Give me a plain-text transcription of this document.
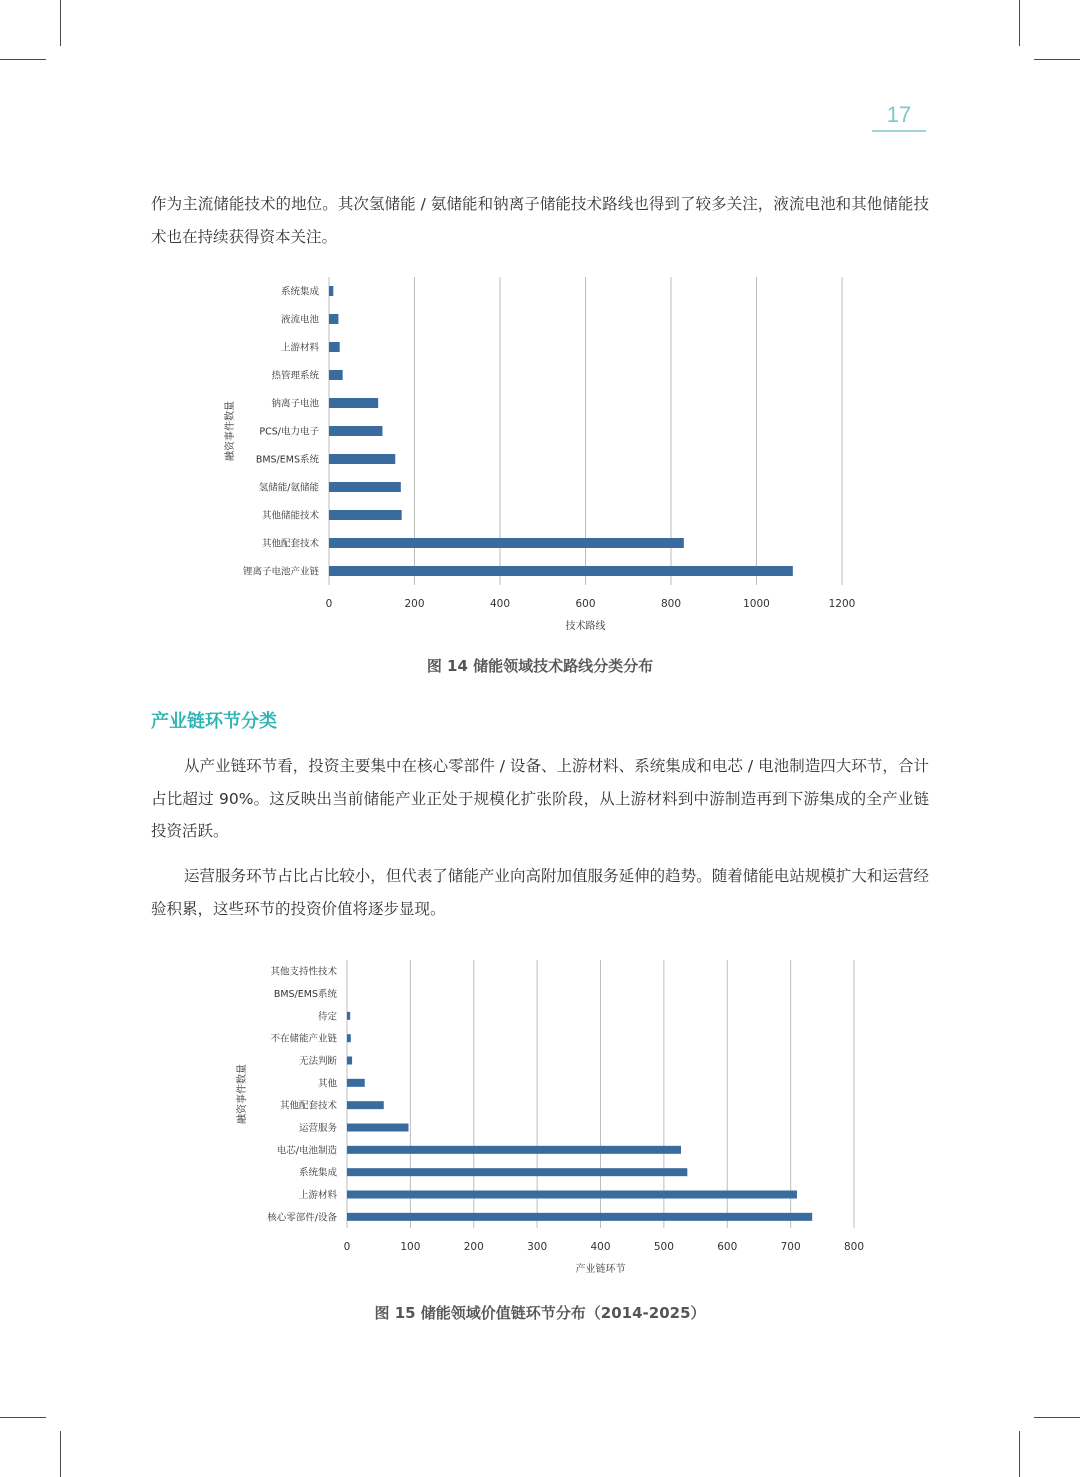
17

作为主流储能技术的地位。其次氢储能 / 氨储能和钠离子储能技术路线也得到了较多关注，液流电池和其他储能技术也在持续获得资本关注。

0	200	400	600	800	1000	1200
系统集成
液流电池
上游材料
热管理系统
钠离子电池
PCS/电力电子
BMS/EMS系统
氢储能/氨储能
其他储能技术
其他配套技术
锂离子电池产业链
技术路线
融资事件数量

图 14 储能领域技术路线分类分布

产业链环节分类

从产业链环节看，投资主要集中在核心零部件 / 设备、上游材料、系统集成和电芯 / 电池制造四大环节，合计占比超过 90%。这反映出当前储能产业正处于规模化扩张阶段，从上游材料到中游制造再到下游集成的全产业链投资活跃。

运营服务环节占比占比较小，但代表了储能产业向高附加值服务延伸的趋势。随着储能电站规模扩大和运营经验积累，这些环节的投资价值将逐步显现。

0	100	200	300	400	500	600	700	800
其他支持性技术
BMS/EMS系统
待定
不在储能产业链
无法判断
其他
其他配套技术
运营服务
电芯/电池制造
系统集成
上游材料
核心零部件/设备
产业链环节
融资事件数量

图 15 储能领域价值链环节分布（2014-2025）
